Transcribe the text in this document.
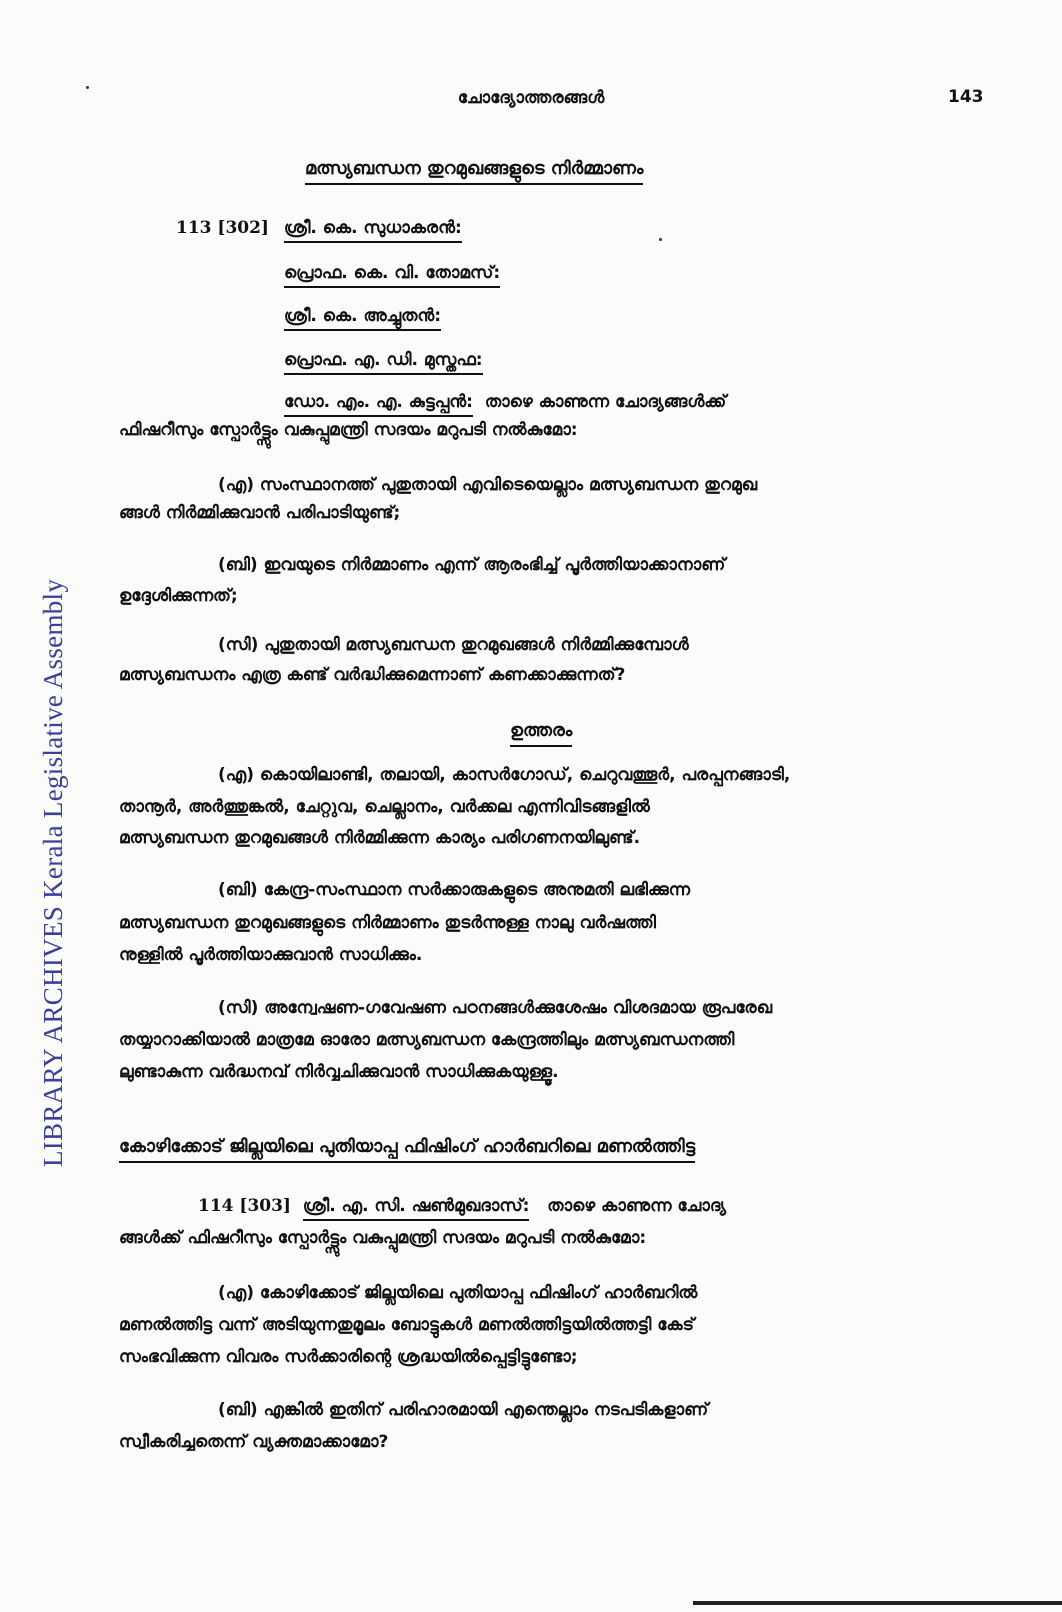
LIBRARY ARCHIVES Kerala Legislative Assembly
ചോദ്യോത്തരങ്ങൾ	143
മത്സ്യബന്ധന തുറമുഖങ്ങളുടെ നിർമ്മാണം
113 [302] ശ്രീ. കെ. സുധാകരൻ:
പ്രൊഫ. കെ. വി. തോമസ്:
ശ്രീ. കെ. അച്ചുതൻ:
പ്രൊഫ. എ. ഡി. മുസ്തഫ:
ഡോ. എം. എ. കുട്ടപ്പൻ: താഴെ കാണുന്ന ചോദ്യങ്ങൾക്ക്
ഫിഷറീസും സ്പോർട്ട്സും വകുപ്പുമന്ത്രി സദയം മറുപടി നൽകുമോ:
(എ) സംസ്ഥാനത്ത് പുതുതായി എവിടെയെല്ലാം മത്സ്യബന്ധന തുറമുഖ
ങ്ങൾ നിർമ്മിക്കുവാൻ പരിപാടിയുണ്ട്;
(ബി) ഇവയുടെ നിർമ്മാണം എന്ന് ആരംഭിച്ച് പൂർത്തിയാക്കാനാണ്
ഉദ്ദേശിക്കുന്നത്;
(സി) പുതുതായി മത്സ്യബന്ധന തുറമുഖങ്ങൾ നിർമ്മിക്കുമ്പോൾ
മത്സ്യബന്ധനം എത്ര കണ്ട് വർദ്ധിക്കുമെന്നാണ് കണക്കാക്കുന്നത്?
ഉത്തരം
(എ) കൊയിലാണ്ടി, തലായി, കാസർഗോഡ്, ചെറുവത്തൂർ, പരപ്പനങ്ങാടി,
താനൂർ, അർത്തുങ്കൽ, ചേറ്റുവ, ചെല്ലാനം, വർക്കല എന്നിവിടങ്ങളിൽ
മത്സ്യബന്ധന തുറമുഖങ്ങൾ നിർമ്മിക്കുന്ന കാര്യം പരിഗണനയിലുണ്ട്.
(ബി) കേന്ദ്ര-സംസ്ഥാന സർക്കാരുകളുടെ അനുമതി ലഭിക്കുന്ന
മത്സ്യബന്ധന തുറമുഖങ്ങളുടെ നിർമ്മാണം തുടർന്നുള്ള നാലു വർഷത്തി
നുള്ളിൽ പൂർത്തിയാക്കുവാൻ സാധിക്കും.
(സി) അന്വേഷണ-ഗവേഷണ പഠനങ്ങൾക്കുശേഷം വിശദമായ രൂപരേഖ
തയ്യാറാക്കിയാൽ മാത്രമേ ഓരോ മത്സ്യബന്ധന കേന്ദ്രത്തിലും മത്സ്യബന്ധനത്തി
ലുണ്ടാകുന്ന വർദ്ധനവ് നിർവ്വചിക്കുവാൻ സാധിക്കുകയുള്ളൂ.
കോഴിക്കോട് ജില്ലയിലെ പുതിയാപ്പ ഫിഷിംഗ് ഹാർബറിലെ മണൽത്തിട്ട
114 [303] ശ്രീ. എ. സി. ഷൺമുഖദാസ്: താഴെ കാണുന്ന ചോദ്യ
ങ്ങൾക്ക് ഫിഷറീസും സ്പോർട്ട്സും വകുപ്പുമന്ത്രി സദയം മറുപടി നൽകുമോ:
(എ) കോഴിക്കോട് ജില്ലയിലെ പുതിയാപ്പ ഫിഷിംഗ് ഹാർബറിൽ
മണൽത്തിട്ട വന്ന് അടിയുന്നതുമൂലം ബോട്ടുകൾ മണൽത്തിട്ടയിൽത്തട്ടി കേട്
സംഭവിക്കുന്ന വിവരം സർക്കാരിന്റെ ശ്രദ്ധയിൽപ്പെട്ടിട്ടുണ്ടോ;
(ബി) എങ്കിൽ ഇതിന് പരിഹാരമായി എന്തെല്ലാം നടപടികളാണ്
സ്വീകരിച്ചതെന്ന് വ്യക്തമാക്കാമോ?
